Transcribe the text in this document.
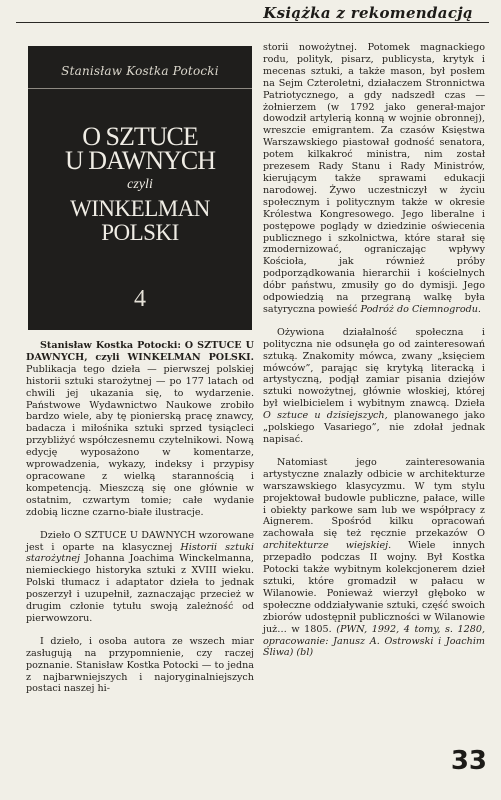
Książka z rekomendacją
Stanisław Kostka Potocki
O SZTUCE
U DAWNYCH
czyli
WINKELMAN
POLSKI
4

Stanisław Kostka Potocki: O SZTUCE U DAWNYCH, czyli WINKELMAN POLSKI. Publikacja tego dzieła — pierwszej polskiej historii sztuki starożytnej — po 177 latach od chwili jej ukazania się, to wydarzenie. Państwowe Wydawnictwo Naukowe zrobiło bardzo wiele, aby tę pionierską pracę znawcy, badacza i miłośnika sztuki sprzed tysiącleci przybliżyć współczesnemu czytelnikowi. Nową edycję wyposażono w komentarze, wprowadzenia, wykazy, indeksy i przypisy opracowane z wielką starannością i kompetencją. Mieszczą się one głównie w ostatnim, czwartym tomie; całe wydanie zdobią liczne czarno-białe ilustracje.

Dzieło O SZTUCE U DAWNYCH wzorowane jest i oparte na klasycznej Historii sztuki starożytnej Johanna Joachima Winckelmanna, niemieckiego historyka sztuki z XVIII wieku. Polski tłumacz i adaptator dzieła to jednak poszerzył i uzupełnił, zaznaczając przecież w drugim członie tytułu swoją zależność od pierwowzoru.

I dzieło, i osoba autora ze wszech miar zasługują na przypomnienie, czy raczej poznanie. Stanisław Kostka Potocki — to jedna z najbarwniejszych i najoryginalniejszych postaci naszej hi-

storii nowożytnej. Potomek magnackiego rodu, polityk, pisarz, publicysta, krytyk i mecenas sztuki, a także mason, był posłem na Sejm Czteroletni, działaczem Stronnictwa Patriotycznego, a gdy nadszedł czas — żołnierzem (w 1792 jako generał-major dowodził artylerią konną w wojnie obronnej), wreszcie emigrantem. Za czasów Księstwa Warszawskiego piastował godność senatora, potem kilkakroć ministra, nim został prezesem Rady Stanu i Rady Ministrów, kierującym także sprawami edukacji narodowej. Żywo uczestniczył w życiu społecznym i politycznym także w okresie Królestwa Kongresowego. Jego liberalne i postępowe poglądy w dziedzinie oświecenia publicznego i szkolnictwa, które starał się zmodernizować, ograniczając wpływy Kościoła, jak również próby podporządkowania hierarchii i kościelnych dóbr państwu, zmusiły go do dymisji. Jego odpowiedzią na przegraną walkę była satyryczna powieść Podróż do Ciemnogrodu.

Ożywiona działalność społeczna i polityczna nie odsunęła go od zainteresowań sztuką. Znakomity mówca, zwany „księciem mówców”, parając się krytyką literacką i artystyczną, podjął zamiar pisania dziejów sztuki nowożytnej, głównie włoskiej, której był wielbicielem i wybitnym znawcą. Dzieła O sztuce u dzisiejszych, planowanego jako „polskiego Vasariego”, nie zdołał jednak napisać.

Natomiast jego zainteresowania artystyczne znalazły odbicie w architekturze warszawskiego klasycyzmu. W tym stylu projektował budowle publiczne, pałace, wille i obiekty parkowe sam lub we współpracy z Aignerem. Spośród kilku opracowań zachowała się też ręcznie przekazów O architekturze wiejskiej. Wiele innych przepadło podczas II wojny. Był Kostka Potocki także wybitnym kolekcjonerem dzieł sztuki, które gromadził w pałacu w Wilanowie. Ponieważ wierzył głęboko w społeczne oddziaływanie sztuki, część swoich zbiorów udostępnił publiczności w Wilanowie już… w 1805. (PWN, 1992, 4 tomy, s. 1280, opracowanie: Janusz A. Ostrowski i Joachim Śliwa) (bl)

33
